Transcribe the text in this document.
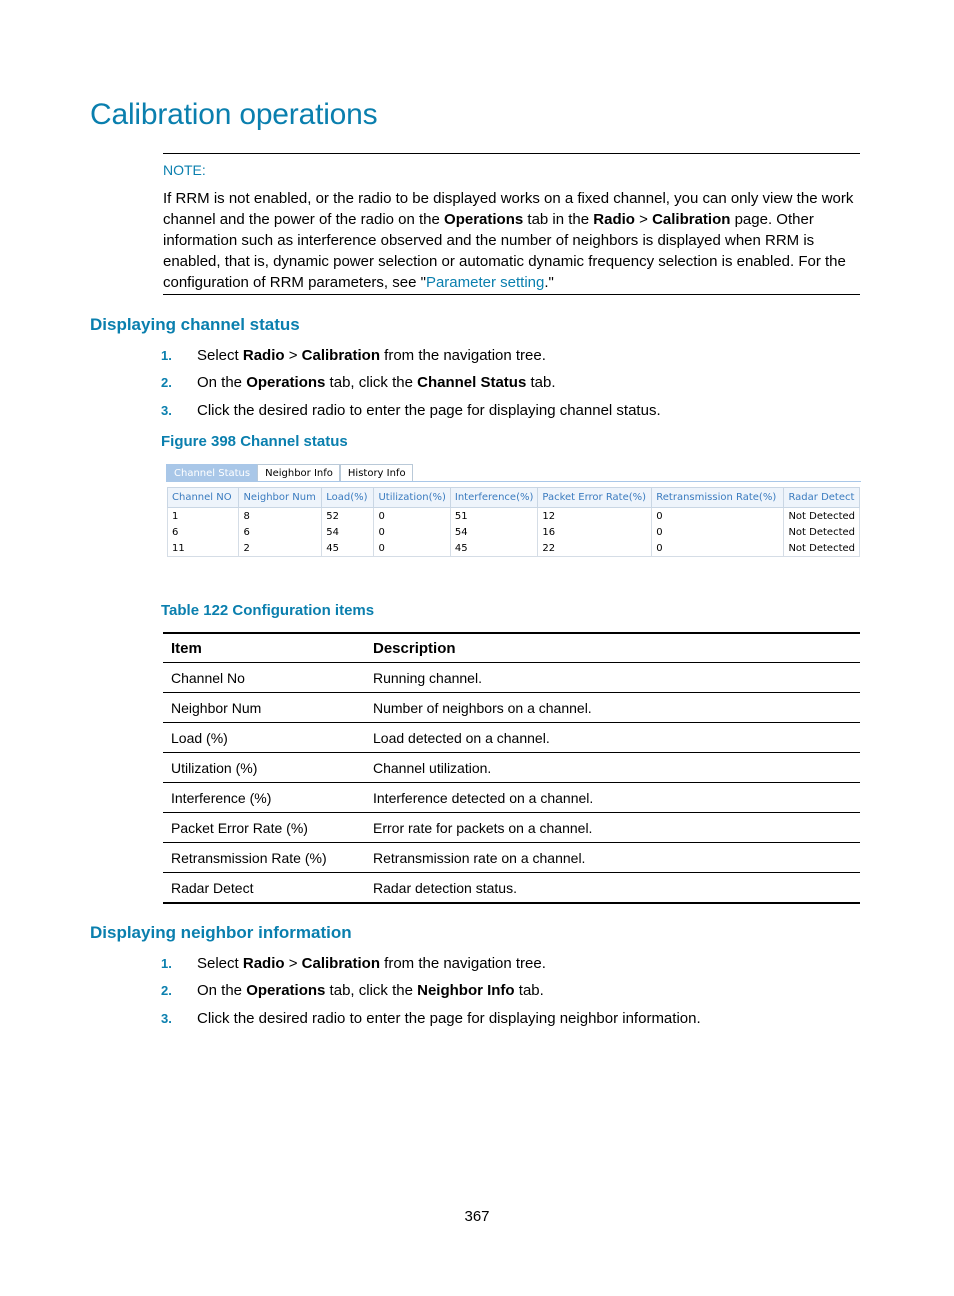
Calibration operations
NOTE:

If RRM is not enabled, or the radio to be displayed works on a fixed channel, you can only view the work channel and the power of the radio on the Operations tab in the Radio > Calibration page. Other information such as interference observed and the number of neighbors is displayed when RRM is enabled, that is, dynamic power selection or automatic dynamic frequency selection is enabled. For the configuration of RRM parameters, see "Parameter setting."

Displaying channel status
1. Select Radio > Calibration from the navigation tree.
2. On the Operations tab, click the Channel Status tab.
3. Click the desired radio to enter the page for displaying channel status.
Figure 398 Channel status
Channel Status	Neighbor Info	History Info
Channel NO	Neighbor Num	Load(%)	Utilization(%)	Interference(%)	Packet Error Rate(%)	Retransmission Rate(%)	Radar Detect
1	8	52	0	51	12	0	Not Detected
6	6	54	0	54	16	0	Not Detected
11	2	45	0	45	22	0	Not Detected
Table 122 Configuration items
Item	Description
Channel No	Running channel.
Neighbor Num	Number of neighbors on a channel.
Load (%)	Load detected on a channel.
Utilization (%)	Channel utilization.
Interference (%)	Interference detected on a channel.
Packet Error Rate (%)	Error rate for packets on a channel.
Retransmission Rate (%)	Retransmission rate on a channel.
Radar Detect	Radar detection status.
Displaying neighbor information
1. Select Radio > Calibration from the navigation tree.
2. On the Operations tab, click the Neighbor Info tab.
3. Click the desired radio to enter the page for displaying neighbor information.
367
